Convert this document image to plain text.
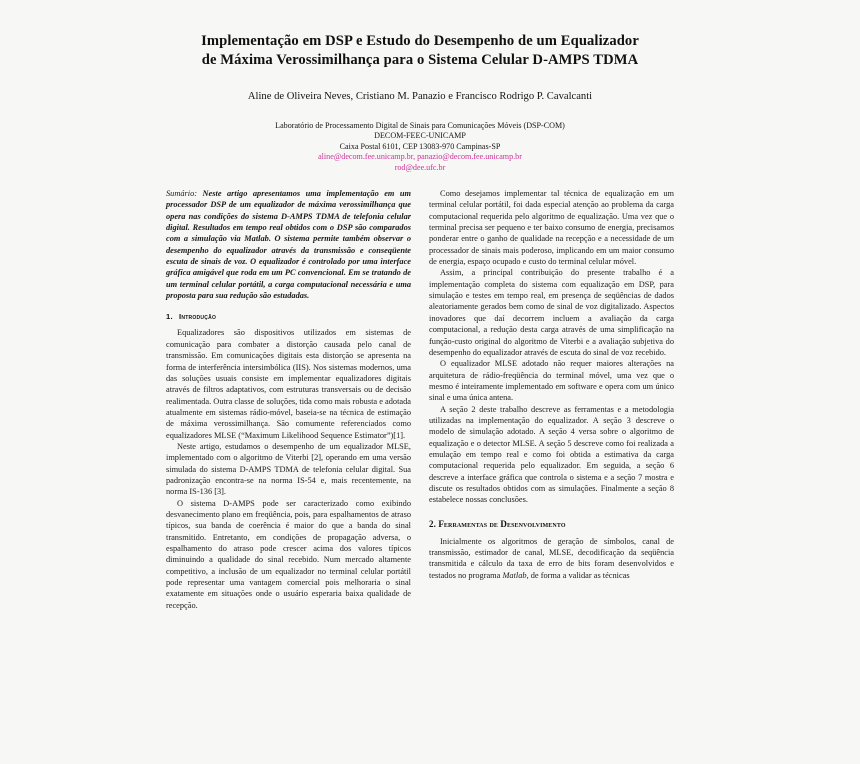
Implementação em DSP e Estudo do Desempenho de um Equalizador
de Máxima Verossimilhança para o Sistema Celular D-AMPS TDMA
Aline de Oliveira Neves, Cristiano M. Panazio e Francisco Rodrigo P. Cavalcanti
Laboratório de Processamento Digital de Sinais para Comunicações Móveis (DSP-COM)
DECOM-FEEC-UNICAMP
Caixa Postal 6101, CEP 13083-970 Campinas-SP
aline@decom.fee.unicamp.br, panazio@decom.fee.unicamp.br
rod@dee.ufc.br

Sumário: Neste artigo apresentamos uma implementação em um processador DSP de um equalizador de máxima verossimilhança que opera nas condições do sistema D-AMPS TDMA de telefonia celular digital. Resultados em tempo real obtidos com o DSP são comparados com a simulação via Matlab. O sistema permite também observar o desempenho do equalizador através da transmissão e conseqüente escuta de sinais de voz. O equalizador é controlado por uma interface gráfica amigável que roda em um PC convencional. Em se tratando de um terminal celular portátil, a carga computacional necessária e uma proposta para sua redução são estudadas.

1. Introdução

Equalizadores são dispositivos utilizados em sistemas de comunicação para combater a distorção causada pelo canal de transmissão. Em comunicações digitais esta distorção se apresenta na forma de interferência intersimbólica (IIS). Nos sistemas modernos, uma das soluções usuais consiste em implementar equalizadores digitais através de filtros adaptativos, com estruturas transversais ou de decisão realimentada. Outra classe de soluções, tida como mais robusta e adotada atualmente em sistemas rádio-móvel, baseia-se na técnica de estimação de máxima verossimilhança. São comumente referenciados como equalizadores MLSE (“Maximum Likelihood Sequence Estimator”)[1].

Neste artigo, estudamos o desempenho de um equalizador MLSE, implementado com o algoritmo de Viterbi [2], operando em uma versão simulada do sistema D-AMPS TDMA de telefonia celular digital. Sua padronização encontra-se na norma IS-54 e, mais recentemente, na norma IS-136 [3].

O sistema D-AMPS pode ser caracterizado como exibindo desvanecimento plano em freqüência, pois, para espalhamentos de atraso típicos, sua banda de coerência é maior do que a banda do sinal transmitido. Entretanto, em condições de propagação adversa, o espalhamento do atraso pode crescer acima dos valores típicos diminuindo a qualidade do sinal recebido. Num mercado altamente competitivo, a inclusão de um equalizador no terminal celular portátil pode representar uma vantagem comercial pois melhoraria o sinal exatamente em situações onde o usuário esperaria baixa qualidade de recepção.

Como desejamos implementar tal técnica de equalização em um terminal celular portátil, foi dada especial atenção ao problema da carga computacional requerida pelo algoritmo de equalização. Uma vez que o terminal precisa ser pequeno e ter baixo consumo de energia, precisamos ponderar entre o ganho de qualidade na recepção e a necessidade de um processador de sinais mais poderoso, implicando em um maior consumo de energia, espaço ocupado e custo do terminal celular móvel.

Assim, a principal contribuição do presente trabalho é a implementação completa do sistema com equalização em DSP, para simulação e testes em tempo real, em presença de seqüências de dados aleatoriamente gerados bem como de sinal de voz digitalizado. Aspectos inovadores que daí decorrem incluem a avaliação da carga computacional, a redução desta carga através de uma simplificação na função-custo original do algoritmo de Viterbi e a avaliação subjetiva do desempenho do equalizador através de escuta do sinal de voz recebido.

O equalizador MLSE adotado não requer maiores alterações na arquitetura de rádio-freqüência do terminal móvel, uma vez que o mesmo é inteiramente implementado em software e opera com um único sinal e uma única antena.

A seção 2 deste trabalho descreve as ferramentas e a metodologia utilizadas na implementação do equalizador. A seção 3 descreve o modelo de simulação adotado. A seção 4 versa sobre o algoritmo de equalização e o detector MLSE. A seção 5 descreve como foi realizada a emulação em tempo real e como foi obtida a estimativa da carga computacional requerida pelo equalizador. Em seguida, a seção 6 descreve a interface gráfica que controla o sistema e a seção 7 mostra e discute os resultados obtidos com as simulações. Finalmente a seção 8 estabelece nossas conclusões.

2. Ferramentas de Desenvolvimento

Inicialmente os algoritmos de geração de símbolos, canal de transmissão, estimador de canal, MLSE, decodificação da seqüência transmitida e cálculo da taxa de erro de bits foram desenvolvidos e testados no programa Matlab, de forma a validar as técnicas
